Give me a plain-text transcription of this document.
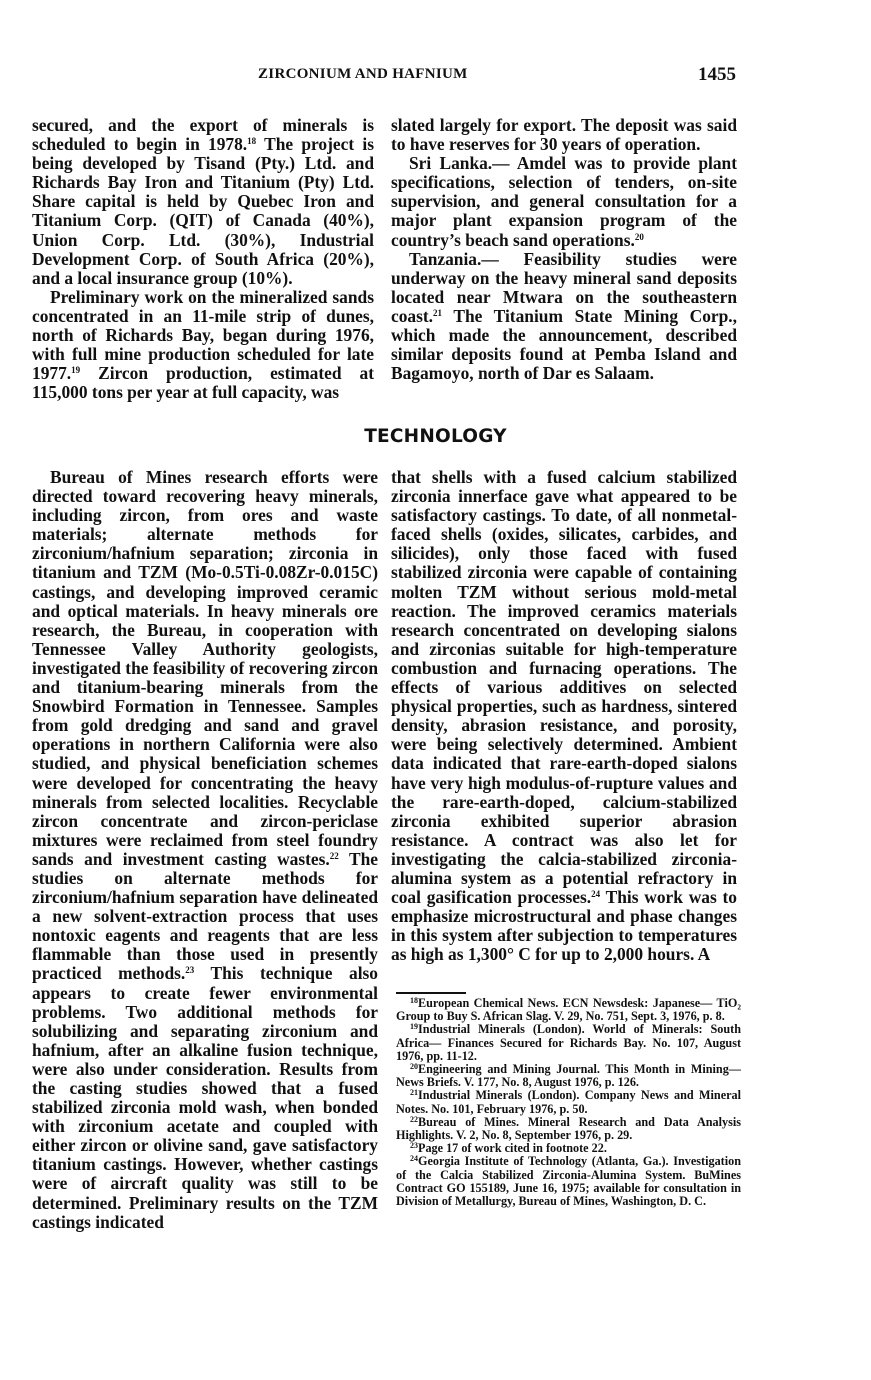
ZIRCONIUM AND HAFNIUM	1455

secured, and the export of minerals is scheduled to begin in 1978.18 The project is being developed by Tisand (Pty.) Ltd. and Richards Bay Iron and Titanium (Pty) Ltd. Share capital is held by Quebec Iron and Titanium Corp. (QIT) of Canada (40%), Union Corp. Ltd. (30%), Industrial Development Corp. of South Africa (20%), and a local insurance group (10%).

Preliminary work on the mineralized sands concentrated in an 11-mile strip of dunes, north of Richards Bay, began during 1976, with full mine production scheduled for late 1977.19 Zircon production, estimated at 115,000 tons per year at full capacity, was

slated largely for export. The deposit was said to have reserves for 30 years of operation.

Sri Lanka.— Amdel was to provide plant specifications, selection of tenders, on-site supervision, and general consultation for a major plant expansion program of the country’s beach sand operations.$^{20}$

Tanzania.— Feasibility studies were underway on the heavy mineral sand deposits located near Mtwara on the southeastern coast.$^{21}$ The Titanium State Mining Corp., which made the announcement, described similar deposits found at Pemba Island and Bagamoyo, north of Dar es Salaam.

TECHNOLOGY

Bureau of Mines research efforts were directed toward recovering heavy minerals, including zircon, from ores and waste materials; alternate methods for zirconium/hafnium separation; zirconia in titanium and TZM (Mo-0.5Ti-0.08Zr-0.015C) castings, and developing improved ceramic and optical materials. In heavy minerals ore research, the Bureau, in cooperation with Tennessee Valley Authority geologists, investigated the feasibility of recovering zircon and titanium-bearing minerals from the Snowbird Formation in Tennessee. Samples from gold dredging and sand and gravel operations in northern California were also studied, and physical beneficiation schemes were developed for concentrating the heavy minerals from selected localities. Recyclable zircon concentrate and zircon-periclase mixtures were reclaimed from steel foundry sands and investment casting wastes.$^{22}$ The studies on alternate methods for zirconium/hafnium separation have delineated a new solvent-extraction process that uses nontoxic eagents and reagents that are less flammable than those used in presently practiced methods.$^{23}$ This technique also appears to create fewer environmental problems. Two additional methods for solubilizing and separating zirconium and hafnium, after an alkaline fusion technique, were also under consideration. Results from the casting studies showed that a fused stabilized zirconia mold wash, when bonded with zirconium acetate and coupled with either zircon or olivine sand, gave satisfactory titanium castings. However, whether castings were of aircraft quality was still to be determined. Preliminary results on the TZM castings indicated

that shells with a fused calcium stabilized zirconia innerface gave what appeared to be satisfactory castings. To date, of all nonmetal-faced shells (oxides, silicates, carbides, and silicides), only those faced with fused stabilized zirconia were capable of containing molten TZM without serious mold-metal reaction. The improved ceramics materials research concentrated on developing sialons and zirconias suitable for high-temperature combustion and furnacing operations. The effects of various additives on selected physical properties, such as hardness, sintered density, abrasion resistance, and porosity, were being selectively determined. Ambient data indicated that rare-earth-doped sialons have very high modulus-of-rupture values and the rare-earth-doped, calcium-stabilized zirconia exhibited superior abrasion resistance. A contract was also let for investigating the calcia-stabilized zirconia-alumina system as a potential refractory in coal gasification processes.$^{24}$ This work was to emphasize microstructural and phase changes in this system after subjection to temperatures as high as 1,300° C for up to 2,000 hours. A

$^{18}$European Chemical News. ECN Newsdesk: Japanese— TiO₂ Group to Buy S. African Slag. V. 29, No. 751, Sept. 3, 1976, p. 8.

$^{19}$Industrial Minerals (London). World of Minerals: South Africa— Finances Secured for Richards Bay. No. 107, August 1976, pp. 11-12.

$^{20}$Engineering and Mining Journal. This Month in Mining— News Briefs. V. 177, No. 8, August 1976, p. 126.

$^{21}$Industrial Minerals (London). Company News and Mineral Notes. No. 101, February 1976, p. 50.

$^{22}$Bureau of Mines. Mineral Research and Data Analysis Highlights. V. 2, No. 8, September 1976, p. 29.

$^{23}$Page 17 of work cited in footnote 22.

$^{24}$Georgia Institute of Technology (Atlanta, Ga.). Investigation of the Calcia Stabilized Zirconia-Alumina System. BuMines Contract GO 155189, June 16, 1975; available for consultation in Division of Metallurgy, Bureau of Mines, Washington, D. C.
